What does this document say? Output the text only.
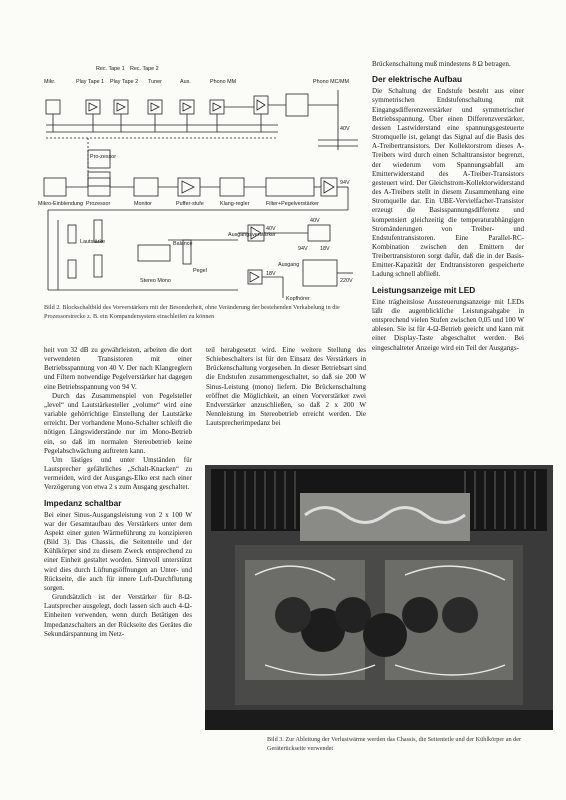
Rec. Tape 1 Rec. Tape 2
Mikr.	Play Tape 1 Play Tape 2 Tuner	Aux.	Phono MM	Phono MC/MM
40V
94V
Pro-zessor
Mikro-Einblendung Prozessor	Monitor	Puffer-stufe	Klang-regler	Filter+Pegelverstärker
Lautstärke	Balance
Pegel
Stereo Mono
Ausgangsverstärker
Ausgang
Kopfhörer
40V
94V 18V
18V
220V
40V
Bild 2. Blockschaltbild des Vorverstärkers mit der Besonderheit, ohne Veränderung der bestehenden Verkabelung in die Prozessorstrecke z. B. ein Kompandersystem einschleifen zu können

heit von 32 dB zu gewährleisten, arbeiten die dort verwendeten Transistoren mit einer Betriebsspannung von 40 V. Der nach Klangreglern und Filtern notwendige Pegelverstärker hat dagegen eine Betriebsspannung von 94 V.

Durch das Zusammenspiel von Pegelsteller „level“ und Lautstärkesteller „volume“ wird eine variable gehörrichtige Einstellung der Lautstärke erreicht. Der vorhandene Mono-Schalter schleift die nötigen Längswiderstände nur im Mono-Betrieb ein, so daß im normalen Stereobetrieb keine Pegelabschwächung auftreten kann.

Um lästiges und unter Umständen für Lautsprecher gefährliches „Schalt-Knacken“ zu vermeiden, wird der Ausgangs-Elko erst nach einer Verzögerung von etwa 2 s zum Ausgang geschaltet.

Impedanz schaltbar

Bei einer Sinus-Ausgangsleistung von 2 x 100 W war der Gesamtaufbau des Verstärkers unter dem Aspekt einer guten Wärmeführung zu konzipieren (Bild 3). Das Chassis, die Seitenteile und der Kühlkörper sind zu diesem Zweck entsprechend zu einer Einheit gestaltet worden. Sinnvoll unterstützt wird dies durch Lüftungsöffnungen an Unter- und Rückseite, die auch für innere Luft-Durchflutung sorgen.

Grundsätzlich ist der Verstärker für 8-Ω-Lautsprecher ausgelegt, doch lassen sich auch 4-Ω-Einheiten verwenden, wenn durch Betätigen des Impedanzschalters an der Rückseite des Gerätes die Sekundärspannung im Netz-

teil herabgesetzt wird. Eine weitere Stellung des Schiebeschalters ist für den Einsatz des Verstärkers in Brückenschaltung vorgesehen. In dieser Betriebsart sind die Endstufen zusammengeschaltet, so daß sie 200 W Sinus-Leistung (mono) liefern. Die Brückenschaltung eröffnet die Möglichkeit, an einen Vorverstärker zwei Endverstärker anzuschließen, so daß 2 x 200 W Nennleistung im Stereobetrieb erreicht werden. Die Lautsprecherimpedanz bei

Brückenschaltung muß mindestens 8 Ω betragen.

Der elektrische Aufbau

Die Schaltung der Endstufe besteht aus einer symmetrischen Endstufenschaltung mit Eingangsdifferenzverstärker und symmetrischer Betriebsspannung. Über einen Differenzverstärker, dessen Lastwiderstand eine spannungsgesteuerte Stromquelle ist, gelangt das Signal auf die Basis des A-Treibertransistors. Der Kollektorstrom dieses A-Treibers wird durch einen Schalttransistor begrenzt, der wiederum vom Spannungsabfall am Emitterwiderstand des A-Treiber-Transistors gesteuert wird. Der Gleichstrom-Kollektorwiderstand des A-Treibers stellt in diesem Zusammenhang eine Stromquelle dar. Ein UBE-Vervielfacher-Transistor erzeugt die Basisspannungsdifferenz und kompensiert gleichzeitig die temperaturabhängigen Stromänderungen von Treiber- und Endstufentransistoren. Eine Parallel-RC-Kombination zwischen den Emittern der Treibertransistoren sorgt dafür, daß die in der Basis-Emitter-Kapazität der Endtransistoren gespeicherte Ladung schnell abfließt.

Leistungsanzeige mit LED

Eine trägheitslose Aussteuerungsanzeige mit LEDs läßt die augenblickliche Leistungsabgabe in entsprechend vielen Stufen zwischen 0,05 und 100 W ablesen. Sie ist für 4-Ω-Betrieb geeicht und kann mit einer Display-Taste abgeschaltet werden. Bei eingeschalteter Anzeige wird ein Teil der Ausgangs-

Bild 3. Zur Ableitung der Verlustwärme werden das Chassis, die Seitenteile und der Kühlkörper an der Geräterückseite verwendet
